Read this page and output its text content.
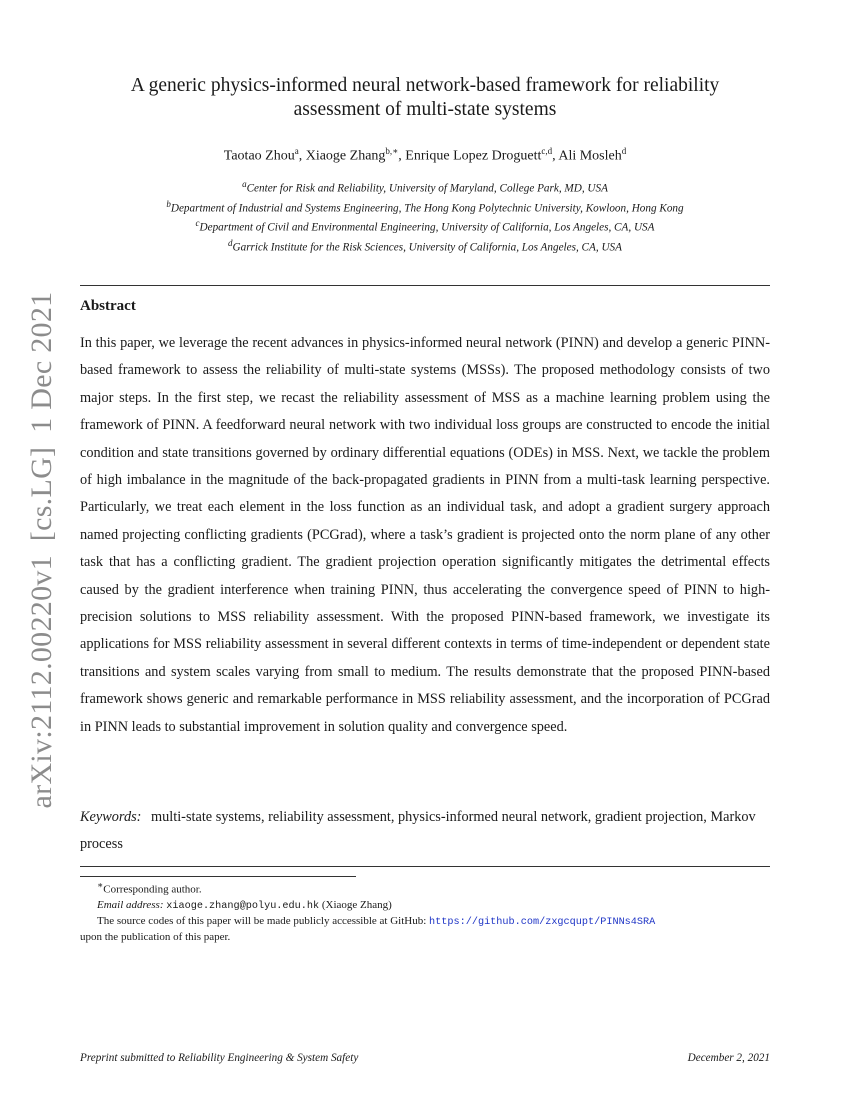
arXiv:2112.00220v1 [cs.LG] 1 Dec 2021
A generic physics-informed neural network-based framework for reliability
assessment of multi-state systems
Taotao Zhou$^a$, Xiaoge Zhang$^{b,∗}$, Enrique Lopez Droguett$^{c,d}$, Ali Mosleh$^d$
$^a$Center for Risk and Reliability, University of Maryland, College Park, MD, USA
$^b$Department of Industrial and Systems Engineering, The Hong Kong Polytechnic University, Kowloon, Hong Kong
$^c$Department of Civil and Environmental Engineering, University of California, Los Angeles, CA, USA
$^d$Garrick Institute for the Risk Sciences, University of California, Los Angeles, CA, USA
Abstract
In this paper, we leverage the recent advances in physics-informed neural network (PINN) and develop a generic PINN-based framework to assess the reliability of multi-state systems (MSSs). The proposed methodology consists of two major steps. In the first step, we recast the reliability assessment of MSS as a machine learning problem using the framework of PINN. A feedforward neural network with two individual loss groups are constructed to encode the initial condition and state transitions governed by ordinary differential equations (ODEs) in MSS. Next, we tackle the problem of high imbalance in the magnitude of the back-propagated gradients in PINN from a multi-task learning perspective. Particularly, we treat each element in the loss function as an individual task, and adopt a gradient surgery approach named projecting conflicting gradients (PCGrad), where a task’s gradient is projected onto the norm plane of any other task that has a conflicting gradient. The gradient projection operation significantly mitigates the detrimental effects caused by the gradient interference when training PINN, thus accelerating the convergence speed of PINN to high-precision solutions to MSS reliability assessment. With the proposed PINN-based framework, we investigate its applications for MSS reliability assessment in several different contexts in terms of time-independent or dependent state transitions and system scales varying from small to medium. The results demonstrate that the proposed PINN-based framework shows generic and remarkable performance in MSS reliability assessment, and the incorporation of PCGrad in PINN leads to substantial improvement in solution quality and convergence speed.
Keywords: multi-state systems, reliability assessment, physics-informed neural network, gradient projection, Markov process
∗Corresponding author.
Email address: xiaoge.zhang@polyu.edu.hk (Xiaoge Zhang)
The source codes of this paper will be made publicly accessible at GitHub: https://github.com/zxgcqupt/PINNs4SRA
upon the publication of this paper.
Preprint submitted to Reliability Engineering & System Safety	December 2, 2021
